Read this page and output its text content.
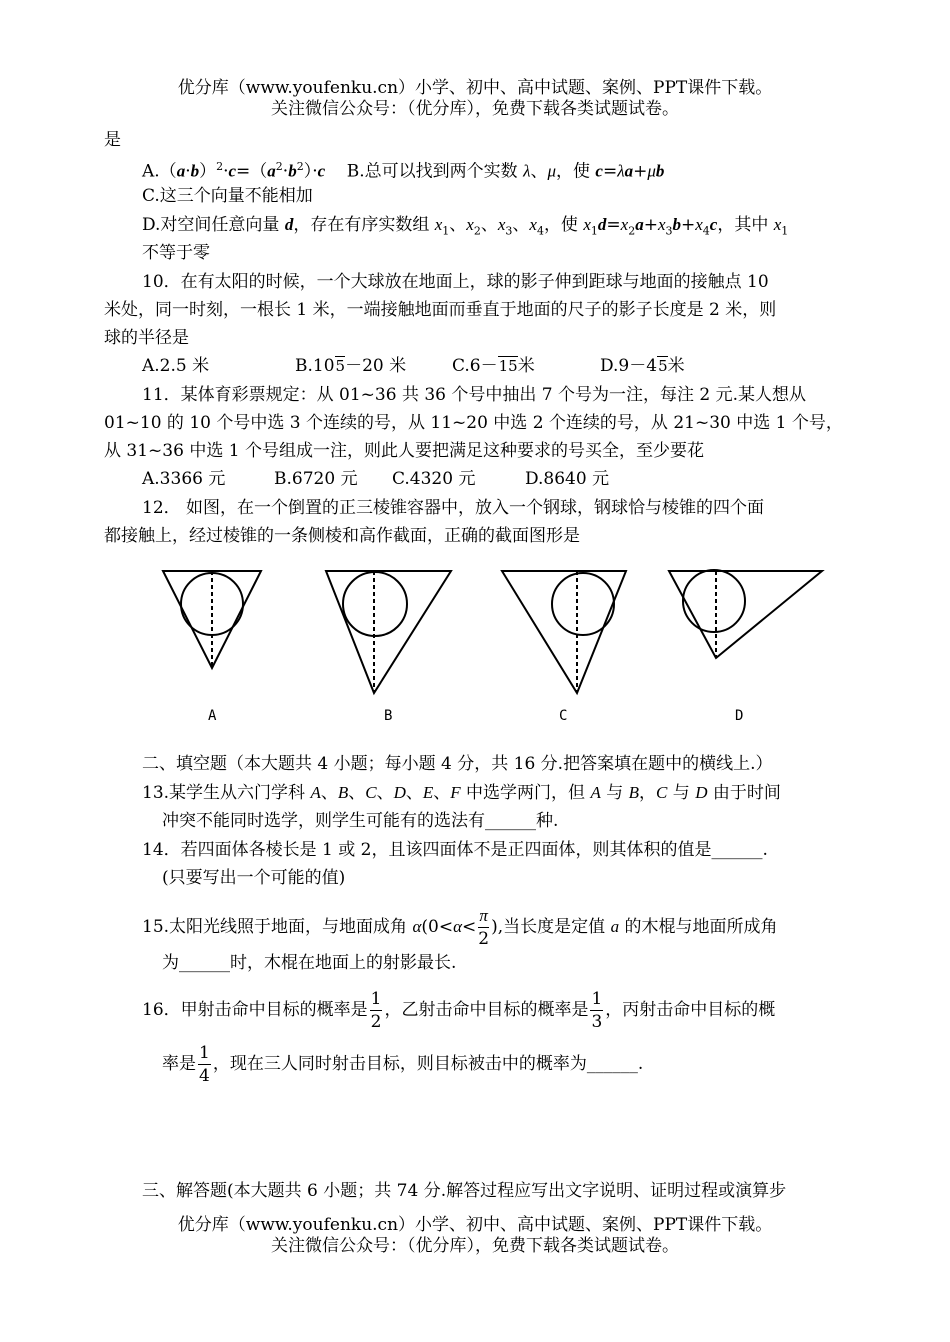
优分库（www.youfenku.cn）小学、初中、高中试题、案例、PPT课件下载。
关注微信公众号：（优分库），免费下载各类试题试卷。
是
$A.(a\cdot b)^2\cdot c=(a^2\cdot b^2)\cdot c$    B.总可以找到两个实数 λ、μ，使 c=λa+μb
C.这三个向量不能相加
D.对空间任意向量 d，存在有序实数组 $x_1$、$x_2$、$x_3$、$x_4$，使 $x_1d=x_2a+x_3b+x_4c$，其中 $x_1$
不等于零
10．在有太阳的时候，一个大球放在地面上，球的影子伸到距球与地面的接触点 10
米处，同一时刻，一根长 1 米，一端接触地面而垂直于地面的尺子的影子长度是 2 米，则
球的半径是
A.2.5 米	B.105－20 米	C.6－15米	D.9－45米
11．某体育彩票规定：从 01~36 共 36 个号中抽出 7 个号为一注，每注 2 元.某人想从
01~10 的 10 个号中选 3 个连续的号，从 11~20 中选 2 个连续的号，从 21~30 中选 1 个号，
从 31~36 中选 1 个号组成一注，则此人要把满足这种要求的号买全，至少要花
A.3366 元	B.6720 元 C.4320 元	D.8640 元
12． 如图，在一个倒置的正三棱锥容器中，放入一个钢球，钢球恰与棱锥的四个面
都接触上，经过棱锥的一条侧棱和高作截面，正确的截面图形是
A	B	C	D
二、填空题（本大题共 4 小题；每小题 4 分，共 16 分.把答案填在题中的横线上.）
13.某学生从六门学科 A、B、C、D、E、F 中选学两门，但 A 与 B，C 与 D 由于时间
冲突不能同时选学，则学生可能有的选法有______种.
14．若四面体各棱长是 1 或 2，且该四面体不是正四面体，则其体积的值是______.
(只要写出一个可能的值)
15.太阳光线照于地面，与地面成角 $\alpha(0<\alpha< \frac{\pi}{2}$ ),当长度是定值 a 的木棍与地面所成角
为______时，木棍在地面上的射影最长.
16．甲射击命中目标的概率是 $\frac{1}{2}$ ，乙射击命中目标的概率是 $\frac{1}{3}$ ，丙射击命中目标的概
率是 $\frac{1}{4}$ ，现在三人同时射击目标，则目标被击中的概率为______.
三、解答题(本大题共 6 小题；共 74 分.解答过程应写出文字说明、证明过程或演算步
优分库（www.youfenku.cn）小学、初中、高中试题、案例、PPT课件下载。
关注微信公众号：（优分库），免费下载各类试题试卷。
